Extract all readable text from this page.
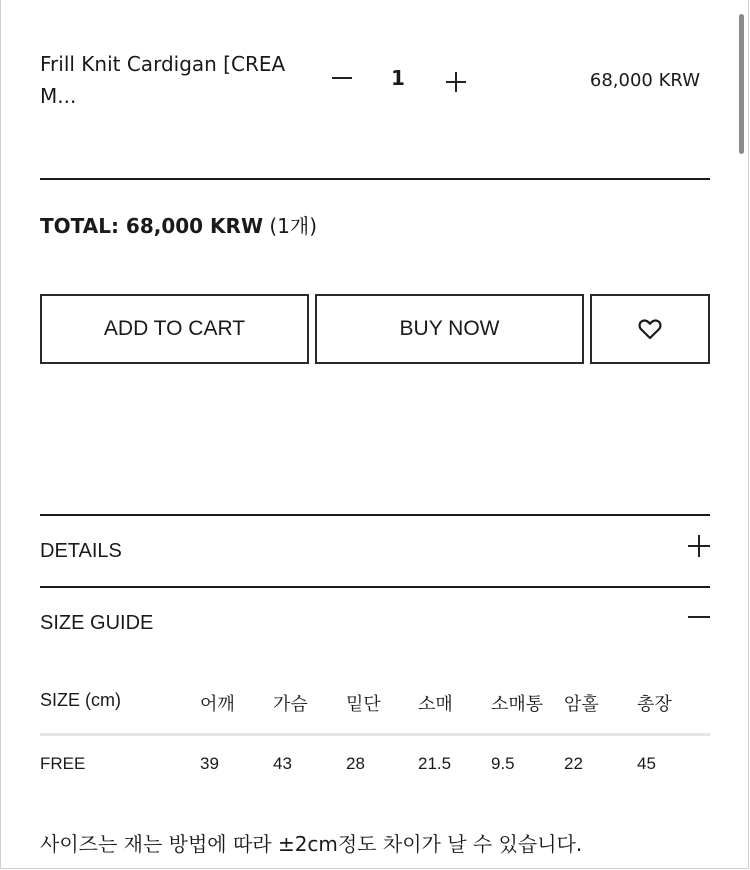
Frill Knit Cardigan [CREAM...
1	68,000 KRW
TOTAL: 68,000 KRW (1개)
ADD TO CART	BUY NOW
DETAILS
SIZE GUIDE
SIZE (cm)	어깨 가슴 밑단 소매 소매통 암홀 총장
FREE	39	43	28	21.5 9.5	22	45
사이즈는 재는 방법에 따라 ±2cm정도 차이가 날 수 있습니다.
